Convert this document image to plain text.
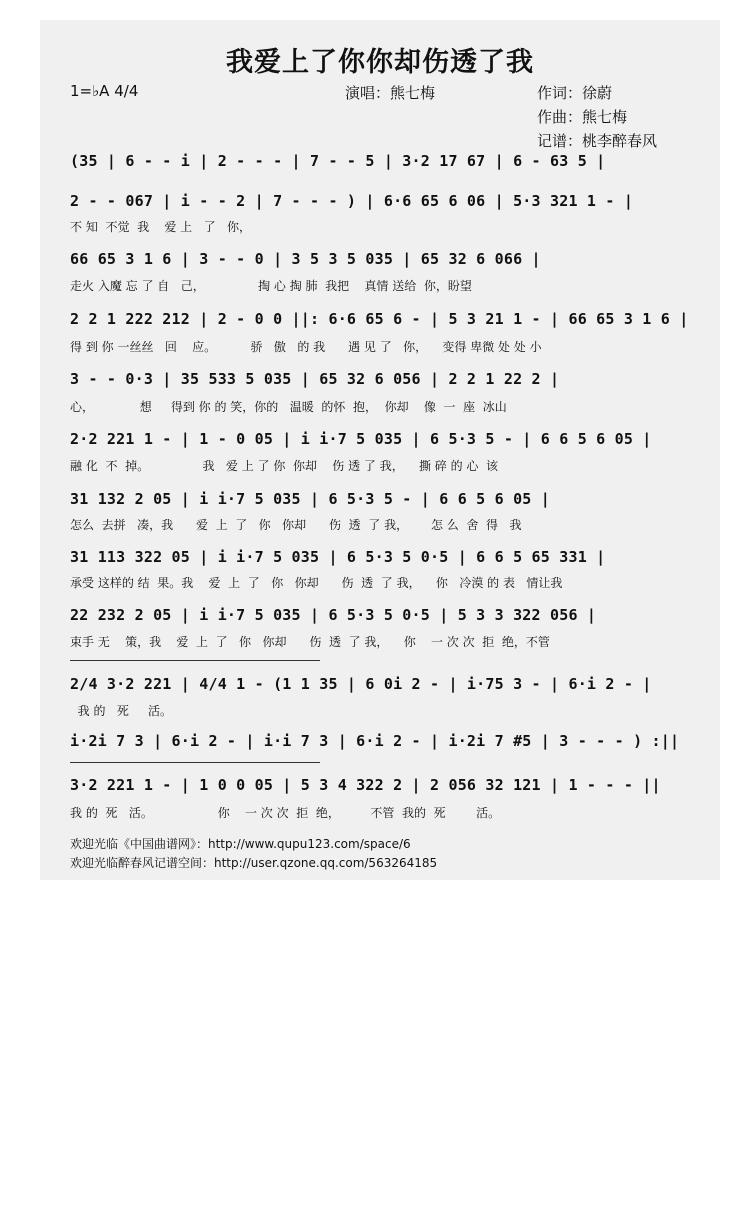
我爱上了你你却伤透了我
1=♭A 4/4	演唱：熊七梅	作词：徐蔚
作曲：熊七梅
记谱：桃李醉春风
(35 | 6 - - i | 2 - - - | 7 - - 5 | 3·2 17 67 | 6 - 63 5 |
2 - - 067 | i - - 2 | 7 - - - ) | 6·6 65 6 06 | 5·3 321 1 - |
不 知  不觉  我    爱 上   了   你，
66 65 3 1 6 | 3 - - 0 | 3 5 3 5 035 | 65 32 6 066 |
走火 入魔 忘 了 自   己，              掏 心 掏 肺  我把    真情 送给  你，盼望
2 2 1 222 212 | 2 - 0 0 ||: 6·6 65 6 - | 5 3 21 1 - | 66 65 3 1 6 |
得 到 你 一丝丝   回    应。         骄   傲   的 我      遇 见 了   你，    变得 卑微 处 处 小
3 - - 0·3 | 35 533 5 035 | 65 32 6 056 | 2 2 1 22 2 |
心，            想     得到 你 的 笑，你的   温暖  的怀  抱，  你却    像  一  座  冰山
2·2 221 1 - | 1 - 0 05 | i i·7 5 035 | 6 5·3 5 - | 6 6 5 6 05 |
融 化  不  掉。              我   爱 上 了 你  你却    伤 透 了 我，    撕 碎 的 心  该
31 132 2 05 | i i·7 5 035 | 6 5·3 5 - | 6 6 5 6 05 |
怎么  去拼   凑，我      爱  上  了   你   你却      伤  透  了 我，      怎 么  舍  得   我
31 113 322 05 | i i·7 5 035 | 6 5·3 5 0·5 | 6 6 5 65 331 |
承受 这样的 结  果。我    爱  上  了   你   你却      伤  透  了 我，    你   冷漠 的 表   情让我
22 232 2 05 | i i·7 5 035 | 6 5·3 5 0·5 | 5 3 3 322 056 |
束手 无    策，我    爱  上  了   你   你却      伤  透  了 我，    你    一 次 次  拒  绝，不管
2/4 3·2 221 | 4/4 1 - (1 1 35 | 6 0i 2 - | i·75 3 - | 6·i 2 - |
我 的   死     活。
i·2i 7 3 | 6·i 2 - | i·i 7 3 | 6·i 2 - | i·2i 7 #5 | 3 - - - ) :||
3·2 221 1 - | 1 0 0 05 | 5 3 4 322 2 | 2 056 32 121 | 1 - - - ||
我 的  死   活。                 你    一 次 次  拒  绝，        不管  我的  死        活。
欢迎光临《中国曲谱网》：http://www.qupu123.com/space/6
欢迎光临醉春风记谱空间：http://user.qzone.qq.com/563264185
